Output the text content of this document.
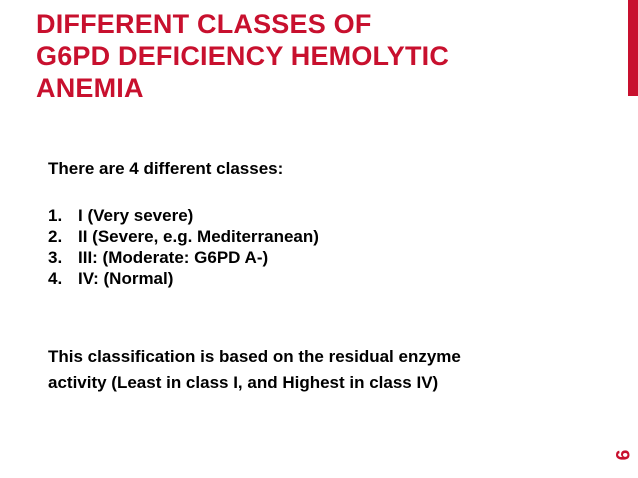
DIFFERENT CLASSES OF
G6PD DEFICIENCY HEMOLYTIC
ANEMIA

There are 4 different classes:

1. I (Very severe)
2. II (Severe, e.g. Mediterranean)
3. III: (Moderate: G6PD A-)
4. IV: (Normal)

This classification is based on the residual enzyme
activity (Least in class I, and Highest in class IV)

9
